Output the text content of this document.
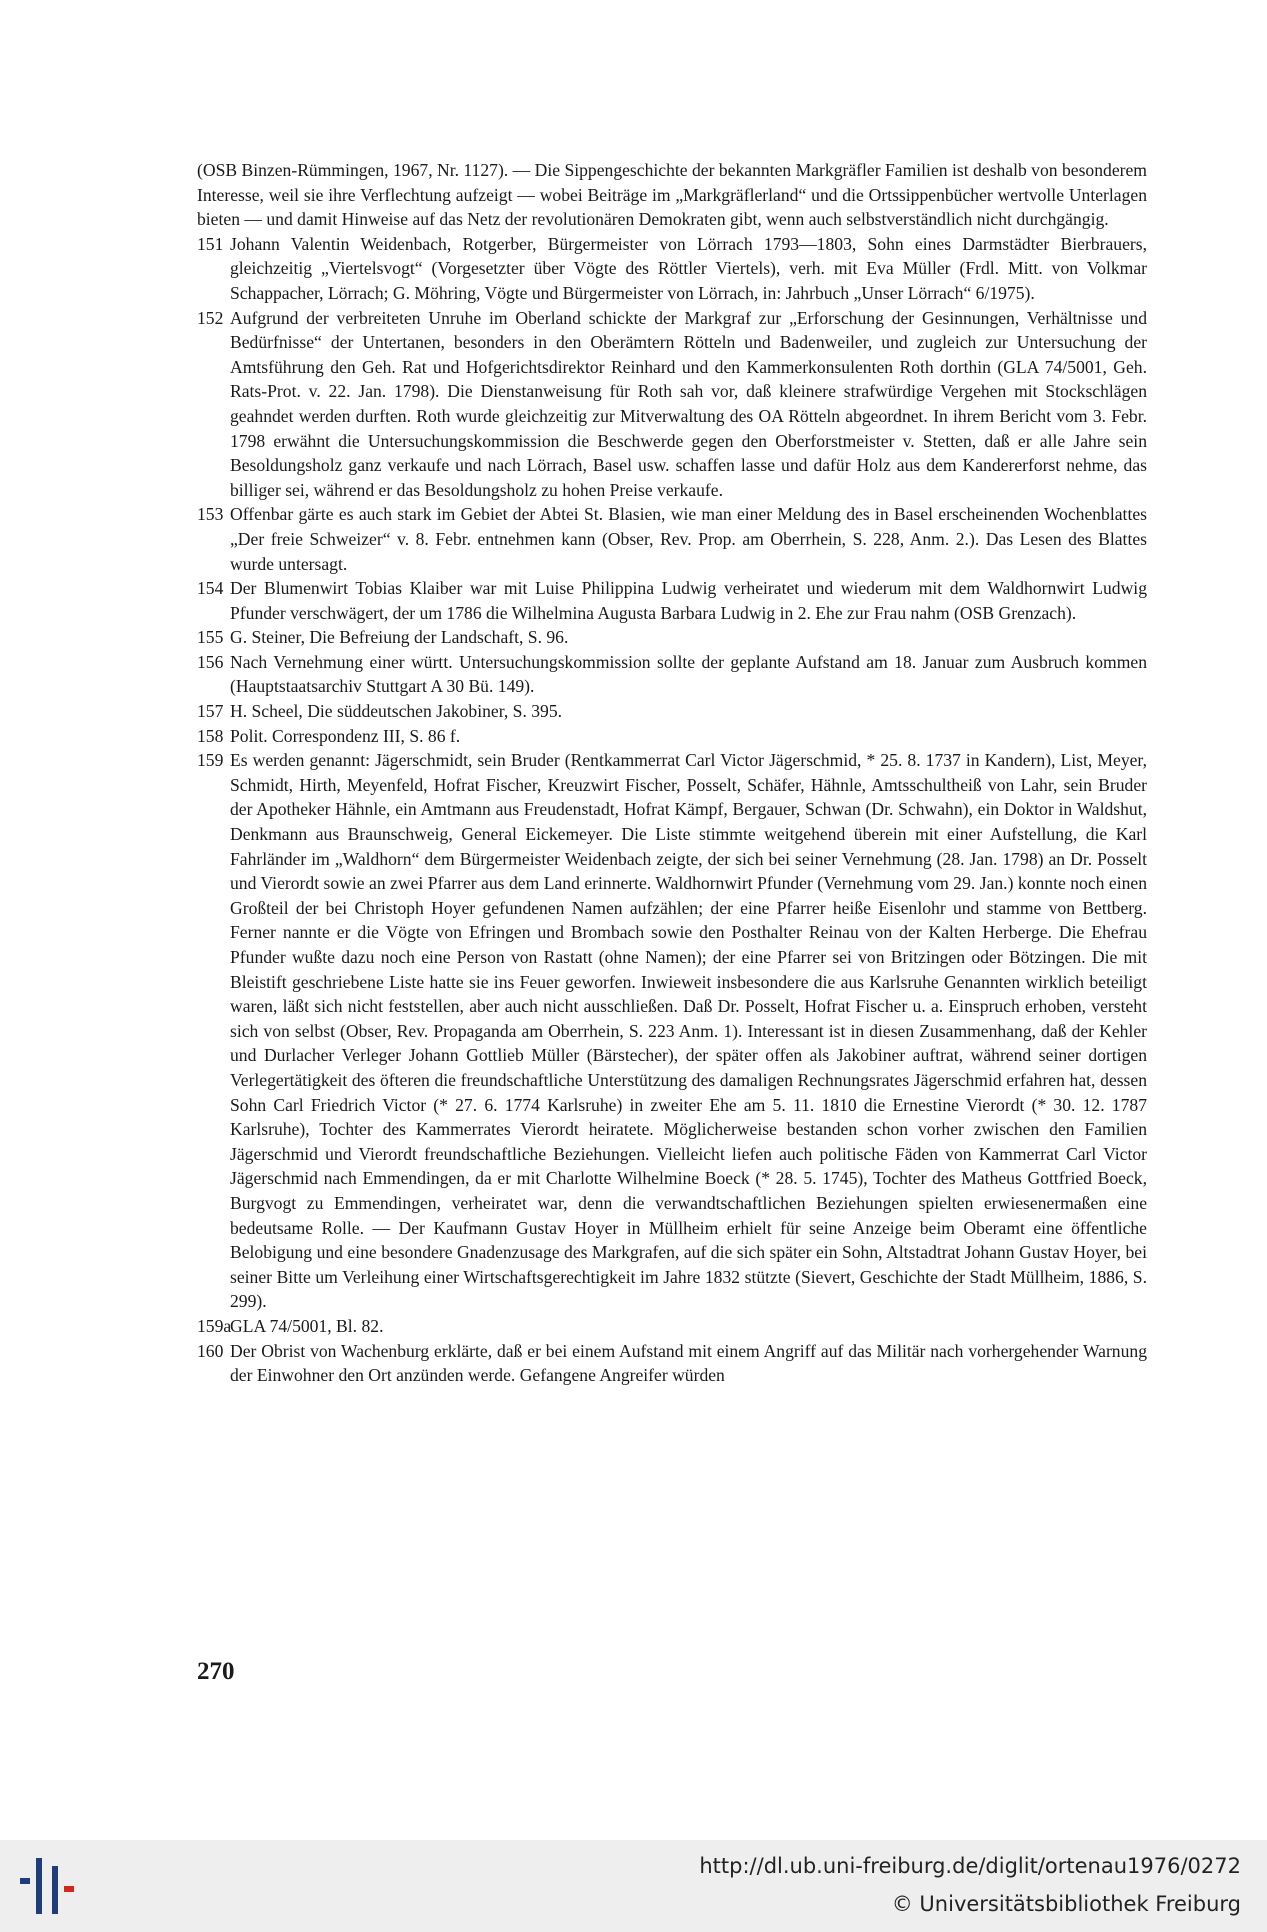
(OSB Binzen-Rümmingen, 1967, Nr. 1127). — Die Sippengeschichte der bekannten Markgräfler Familien ist deshalb von besonderem Interesse, weil sie ihre Verflechtung aufzeigt — wobei Beiträge im „Markgräflerland“ und die Ortssippenbücher wertvolle Unterlagen bieten — und damit Hinweise auf das Netz der revolutionären Demokraten gibt, wenn auch selbstverständlich nicht durchgängig.

151 Johann Valentin Weidenbach, Rotgerber, Bürgermeister von Lörrach 1793—1803, Sohn eines Darmstädter Bierbrauers, gleichzeitig „Viertelsvogt“ (Vorgesetzter über Vögte des Röttler Viertels), verh. mit Eva Müller (Frdl. Mitt. von Volkmar Schappacher, Lörrach; G. Möhring, Vögte und Bürgermeister von Lörrach, in: Jahrbuch „Unser Lörrach“ 6/1975).
152 Aufgrund der verbreiteten Unruhe im Oberland schickte der Markgraf zur „Erforschung der Gesinnungen, Verhältnisse und Bedürfnisse“ der Untertanen, besonders in den Oberämtern Rötteln und Badenweiler, und zugleich zur Untersuchung der Amtsführung den Geh. Rat und Hofgerichtsdirektor Reinhard und den Kammerkonsulenten Roth dorthin (GLA 74/5001, Geh. Rats-Prot. v. 22. Jan. 1798). Die Dienstanweisung für Roth sah vor, daß kleinere strafwürdige Vergehen mit Stockschlägen geahndet werden durften. Roth wurde gleichzeitig zur Mitverwaltung des OA Rötteln abgeordnet. In ihrem Bericht vom 3. Febr. 1798 erwähnt die Untersuchungskommission die Beschwerde gegen den Oberforstmeister v. Stetten, daß er alle Jahre sein Besoldungsholz ganz verkaufe und nach Lörrach, Basel usw. schaffen lasse und dafür Holz aus dem Kandererforst nehme, das billiger sei, während er das Besoldungsholz zu hohen Preise verkaufe.
153 Offenbar gärte es auch stark im Gebiet der Abtei St. Blasien, wie man einer Meldung des in Basel erscheinenden Wochenblattes „Der freie Schweizer“ v. 8. Febr. entnehmen kann (Obser, Rev. Prop. am Oberrhein, S. 228, Anm. 2.). Das Lesen des Blattes wurde untersagt.
154 Der Blumenwirt Tobias Klaiber war mit Luise Philippina Ludwig verheiratet und wiederum mit dem Waldhornwirt Ludwig Pfunder verschwägert, der um 1786 die Wilhelmina Augusta Barbara Ludwig in 2. Ehe zur Frau nahm (OSB Grenzach).
155 G. Steiner, Die Befreiung der Landschaft, S. 96.
156 Nach Vernehmung einer württ. Untersuchungskommission sollte der geplante Aufstand am 18. Januar zum Ausbruch kommen (Hauptstaatsarchiv Stuttgart A 30 Bü. 149).
157 H. Scheel, Die süddeutschen Jakobiner, S. 395.
158 Polit. Correspondenz III, S. 86 f.
159 Es werden genannt: Jägerschmidt, sein Bruder (Rentkammerrat Carl Victor Jägerschmid, * 25. 8. 1737 in Kandern), List, Meyer, Schmidt, Hirth, Meyenfeld, Hofrat Fischer, Kreuzwirt Fischer, Posselt, Schäfer, Hähnle, Amtsschultheiß von Lahr, sein Bruder der Apotheker Hähnle, ein Amtmann aus Freudenstadt, Hofrat Kämpf, Bergauer, Schwan (Dr. Schwahn), ein Doktor in Waldshut, Denkmann aus Braunschweig, General Eickemeyer. Die Liste stimmte weitgehend überein mit einer Aufstellung, die Karl Fahrländer im „Waldhorn“ dem Bürgermeister Weidenbach zeigte, der sich bei seiner Vernehmung (28. Jan. 1798) an Dr. Posselt und Vierordt sowie an zwei Pfarrer aus dem Land erinnerte. Waldhornwirt Pfunder (Vernehmung vom 29. Jan.) konnte noch einen Großteil der bei Christoph Hoyer gefundenen Namen aufzählen; der eine Pfarrer heiße Eisenlohr und stamme von Bettberg. Ferner nannte er die Vögte von Efringen und Brombach sowie den Posthalter Reinau von der Kalten Herberge. Die Ehefrau Pfunder wußte dazu noch eine Person von Rastatt (ohne Namen); der eine Pfarrer sei von Britzingen oder Bötzingen. Die mit Bleistift geschriebene Liste hatte sie ins Feuer geworfen. Inwieweit insbesondere die aus Karlsruhe Genannten wirklich beteiligt waren, läßt sich nicht feststellen, aber auch nicht ausschließen. Daß Dr. Posselt, Hofrat Fischer u. a. Einspruch erhoben, versteht sich von selbst (Obser, Rev. Propaganda am Oberrhein, S. 223 Anm. 1). Interessant ist in diesen Zusammenhang, daß der Kehler und Durlacher Verleger Johann Gottlieb Müller (Bärstecher), der später offen als Jakobiner auftrat, während seiner dortigen Verlegertätigkeit des öfteren die freundschaftliche Unterstützung des damaligen Rechnungsrates Jägerschmid erfahren hat, dessen Sohn Carl Friedrich Victor (* 27. 6. 1774 Karlsruhe) in zweiter Ehe am 5. 11. 1810 die Ernestine Vierordt (* 30. 12. 1787 Karlsruhe), Tochter des Kammerrates Vierordt heiratete. Möglicherweise bestanden schon vorher zwischen den Familien Jägerschmid und Vierordt freundschaftliche Beziehungen. Vielleicht liefen auch politische Fäden von Kammerrat Carl Victor Jägerschmid nach Emmendingen, da er mit Charlotte Wilhelmine Boeck (* 28. 5. 1745), Tochter des Matheus Gottfried Boeck, Burgvogt zu Emmendingen, verheiratet war, denn die verwandtschaftlichen Beziehungen spielten erwiesenermaßen eine bedeutsame Rolle. — Der Kaufmann Gustav Hoyer in Müllheim erhielt für seine Anzeige beim Oberamt eine öffentliche Belobigung und eine besondere Gnadenzusage des Markgrafen, auf die sich später ein Sohn, Altstadtrat Johann Gustav Hoyer, bei seiner Bitte um Verleihung einer Wirtschaftsgerechtigkeit im Jahre 1832 stützte (Sievert, Geschichte der Stadt Müllheim, 1886, S. 299).
159a
GLA 74/5001, Bl. 82.
160 Der Obrist von Wachenburg erklärte, daß er bei einem Aufstand mit einem Angriff auf das Militär nach vorhergehender Warnung der Einwohner den Ort anzünden werde. Gefangene Angreifer würden
270
http://dl.ub.uni-freiburg.de/diglit/ortenau1976/0272
© Universitätsbibliothek Freiburg
